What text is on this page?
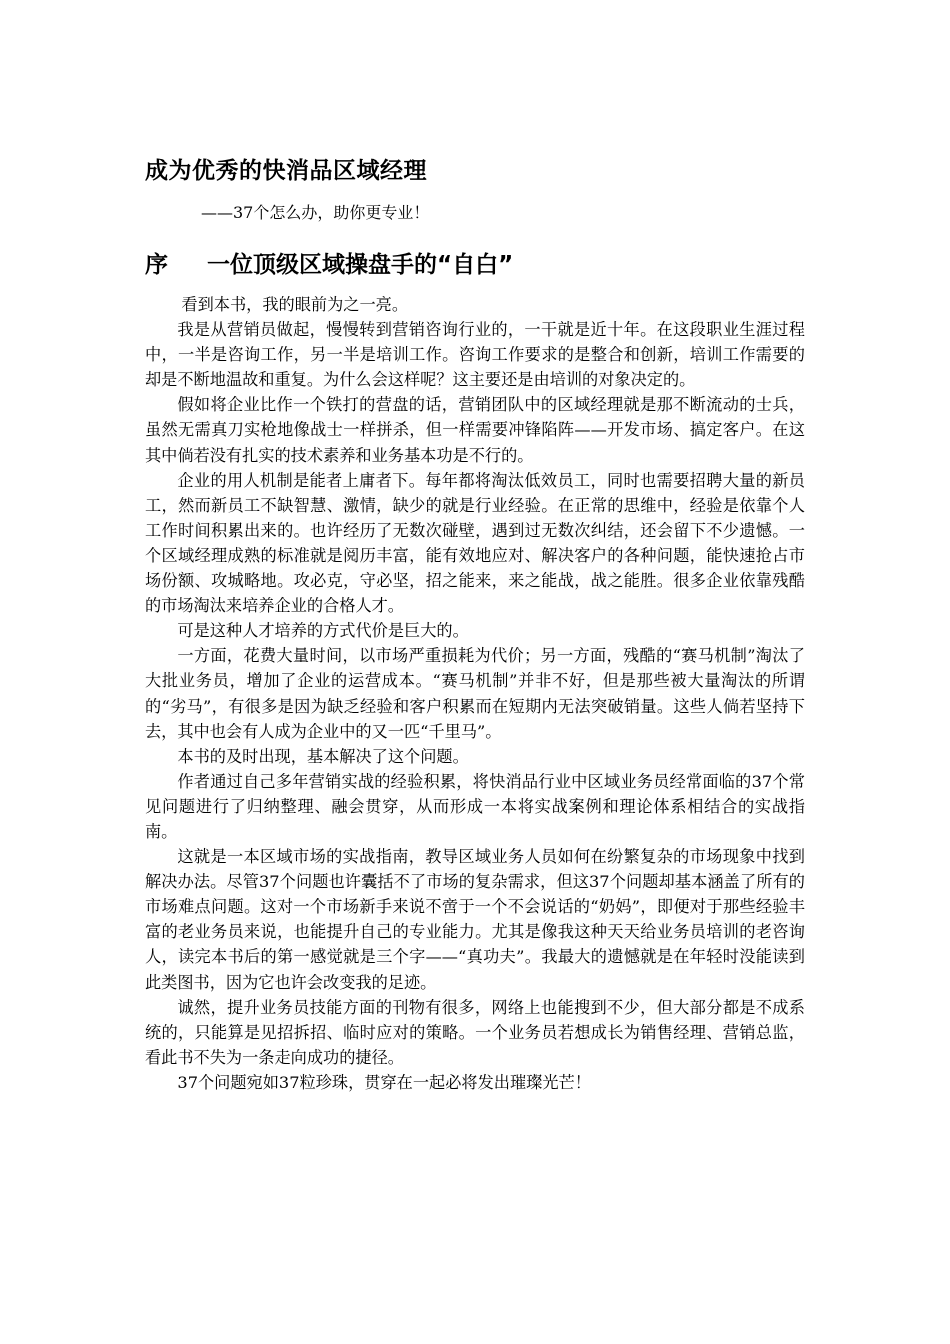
成为优秀的快消品区域经理
——37个怎么办，助你更专业！
序	一位顶级区域操盘手的“自白”

看到本书，我的眼前为之一亮。

我是从营销员做起，慢慢转到营销咨询行业的，一干就是近十年。在这段职业生涯过程中，一半是咨询工作，另一半是培训工作。咨询工作要求的是整合和创新，培训工作需要的却是不断地温故和重复。为什么会这样呢？这主要还是由培训的对象决定的。

假如将企业比作一个铁打的营盘的话，营销团队中的区域经理就是那不断流动的士兵，虽然无需真刀实枪地像战士一样拼杀，但一样需要冲锋陷阵——开发市场、搞定客户。在这其中倘若没有扎实的技术素养和业务基本功是不行的。

企业的用人机制是能者上庸者下。每年都将淘汰低效员工，同时也需要招聘大量的新员工，然而新员工不缺智慧、激情，缺少的就是行业经验。在正常的思维中，经验是依靠个人工作时间积累出来的。也许经历了无数次碰壁，遇到过无数次纠结，还会留下不少遗憾。一个区域经理成熟的标准就是阅历丰富，能有效地应对、解决客户的各种问题，能快速抢占市场份额、攻城略地。攻必克，守必坚，招之能来，来之能战，战之能胜。很多企业依靠残酷的市场淘汰来培养企业的合格人才。

可是这种人才培养的方式代价是巨大的。

一方面，花费大量时间，以市场严重损耗为代价；另一方面，残酷的“赛马机制”淘汰了大批业务员，增加了企业的运营成本。“赛马机制”并非不好，但是那些被大量淘汰的所谓的“劣马”，有很多是因为缺乏经验和客户积累而在短期内无法突破销量。这些人倘若坚持下去，其中也会有人成为企业中的又一匹“千里马”。

本书的及时出现，基本解决了这个问题。

作者通过自己多年营销实战的经验积累，将快消品行业中区域业务员经常面临的37个常见问题进行了归纳整理、融会贯穿，从而形成一本将实战案例和理论体系相结合的实战指南。

这就是一本区域市场的实战指南，教导区域业务人员如何在纷繁复杂的市场现象中找到解决办法。尽管37个问题也许囊括不了市场的复杂需求，但这37个问题却基本涵盖了所有的市场难点问题。这对一个市场新手来说不啻于一个不会说话的“奶妈”，即便对于那些经验丰富的老业务员来说，也能提升自己的专业能力。尤其是像我这种天天给业务员培训的老咨询人，读完本书后的第一感觉就是三个字——“真功夫”。我最大的遗憾就是在年轻时没能读到此类图书，因为它也许会改变我的足迹。

诚然，提升业务员技能方面的刊物有很多，网络上也能搜到不少，但大部分都是不成系统的，只能算是见招拆招、临时应对的策略。一个业务员若想成长为销售经理、营销总监，看此书不失为一条走向成功的捷径。

37个问题宛如37粒珍珠，贯穿在一起必将发出璀璨光芒！
